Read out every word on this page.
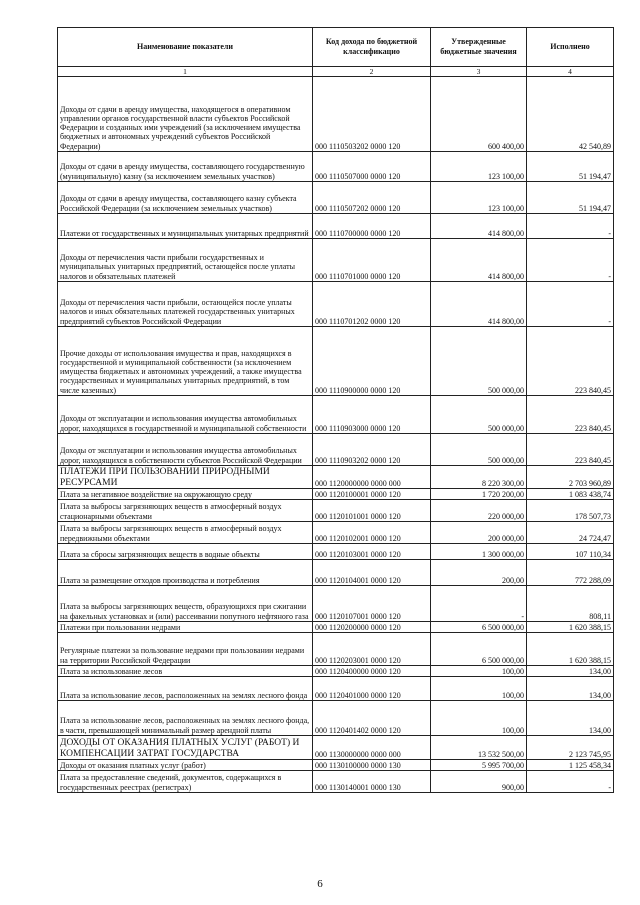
Наименование показатели	Код дохода по бюджетной классификацио	Утвержденные бюджетные значения	Исполнено
1	2	3	4
Доходы от сдачи в аренду имущества, находящегося в оперативном управлении органов государственной власти субъектов Российской Федерации и созданных ими учреждений (за исключением имущества бюджетных и автономных учреждений субъектов Российской Федерации)	000 1110503202 0000 120	600 400,00	42 540,89
Доходы от сдачи в аренду имущества, составляющего государственную (муниципальную) казну (за исключением земельных участков)	000 1110507000 0000 120	123 100,00	51 194,47
Доходы от сдачи в аренду имущества, составляющего казну субъекта Российской Федерации (за исключением земельных участков)	000 1110507202 0000 120	123 100,00	51 194,47
Платежи от государственных и муниципальных унитарных предприятий	000 1110700000 0000 120	414 800,00	-
Доходы от перечисления части прибыли государственных и муниципальных унитарных предприятий, остающейся после уплаты налогов и обязательных платежей	000 1110701000 0000 120	414 800,00	-
Доходы от перечисления части прибыли, остающейся после уплаты налогов и иных обязательных платежей государственных унитарных предприятий субъектов Российской Федерации	000 1110701202 0000 120	414 800,00	-
Прочие доходы от использования имущества и прав, находящихся в государственной и муниципальной собственности (за исключением имущества бюджетных и автономных учреждений, а также имущества государственных и муниципальных унитарных предприятий, в том числе казенных)	000 1110900000 0000 120	500 000,00	223 840,45
Доходы от эксплуатации и использования имущества автомобильных дорог, находящихся в государственной и муниципальной собственности	000 1110903000 0000 120	500 000,00	223 840,45
Доходы от эксплуатации и использования имущества автомобильных дорог, находящихся в собственности субъектов Российской Федерации	000 1110903202 0000 120	500 000,00	223 840,45
ПЛАТЕЖИ ПРИ ПОЛЬЗОВАНИИ ПРИРОДНЫМИ РЕСУРСАМИ	000 1120000000 0000 000	8 220 300,00	2 703 960,89
Плата за негативное воздействие на окружающую среду	000 1120100001 0000 120	1 720 200,00	1 083 438,74
Плата за выбросы загрязняющих веществ в атмосферный воздух стационарными объектами	000 1120101001 0000 120	220 000,00	178 507,73
Плата за выбросы загрязняющих веществ в атмосферный воздух передвижными объектами	000 1120102001 0000 120	200 000,00	24 724,47
Плата за сбросы загрязняющих веществ в водные объекты	000 1120103001 0000 120	1 300 000,00	107 110,34
Плата за размещение отходов производства и потребления	000 1120104001 0000 120	200,00	772 288,09
Плата за выбросы загрязняющих веществ, образующихся при сжигании на факельных установках и (или) рассеивании попутного нефтяного газа	000 1120107001 0000 120	-	808,11
Платежи при пользовании недрами	000 1120200000 0000 120	6 500 000,00	1 620 388,15
Регулярные платежи за пользование недрами при пользовании недрами на территории Российской Федерации	000 1120203001 0000 120	6 500 000,00	1 620 388,15
Плата за использование лесов	000 1120400000 0000 120	100,00	134,00
Плата за использование лесов, расположенных на землях лесного фонда	000 1120401000 0000 120	100,00	134,00
Плата за использование лесов, расположенных на землях лесного фонда, в части, превышающей минимальный размер арендной платы	000 1120401402 0000 120	100,00	134,00
ДОХОДЫ ОТ ОКАЗАНИЯ ПЛАТНЫХ УСЛУГ (РАБОТ) И КОМПЕНСАЦИИ ЗАТРАТ ГОСУДАРСТВА	000 1130000000 0000 000	13 532 500,00	2 123 745,95
Доходы от оказания платных услуг (работ)	000 1130100000 0000 130	5 995 700,00	1 125 458,34
Плата за предоставление сведений, документов, содержащихся в государственных реестрах (регистрах)	000 1130140001 0000 130	900,00	-
6
